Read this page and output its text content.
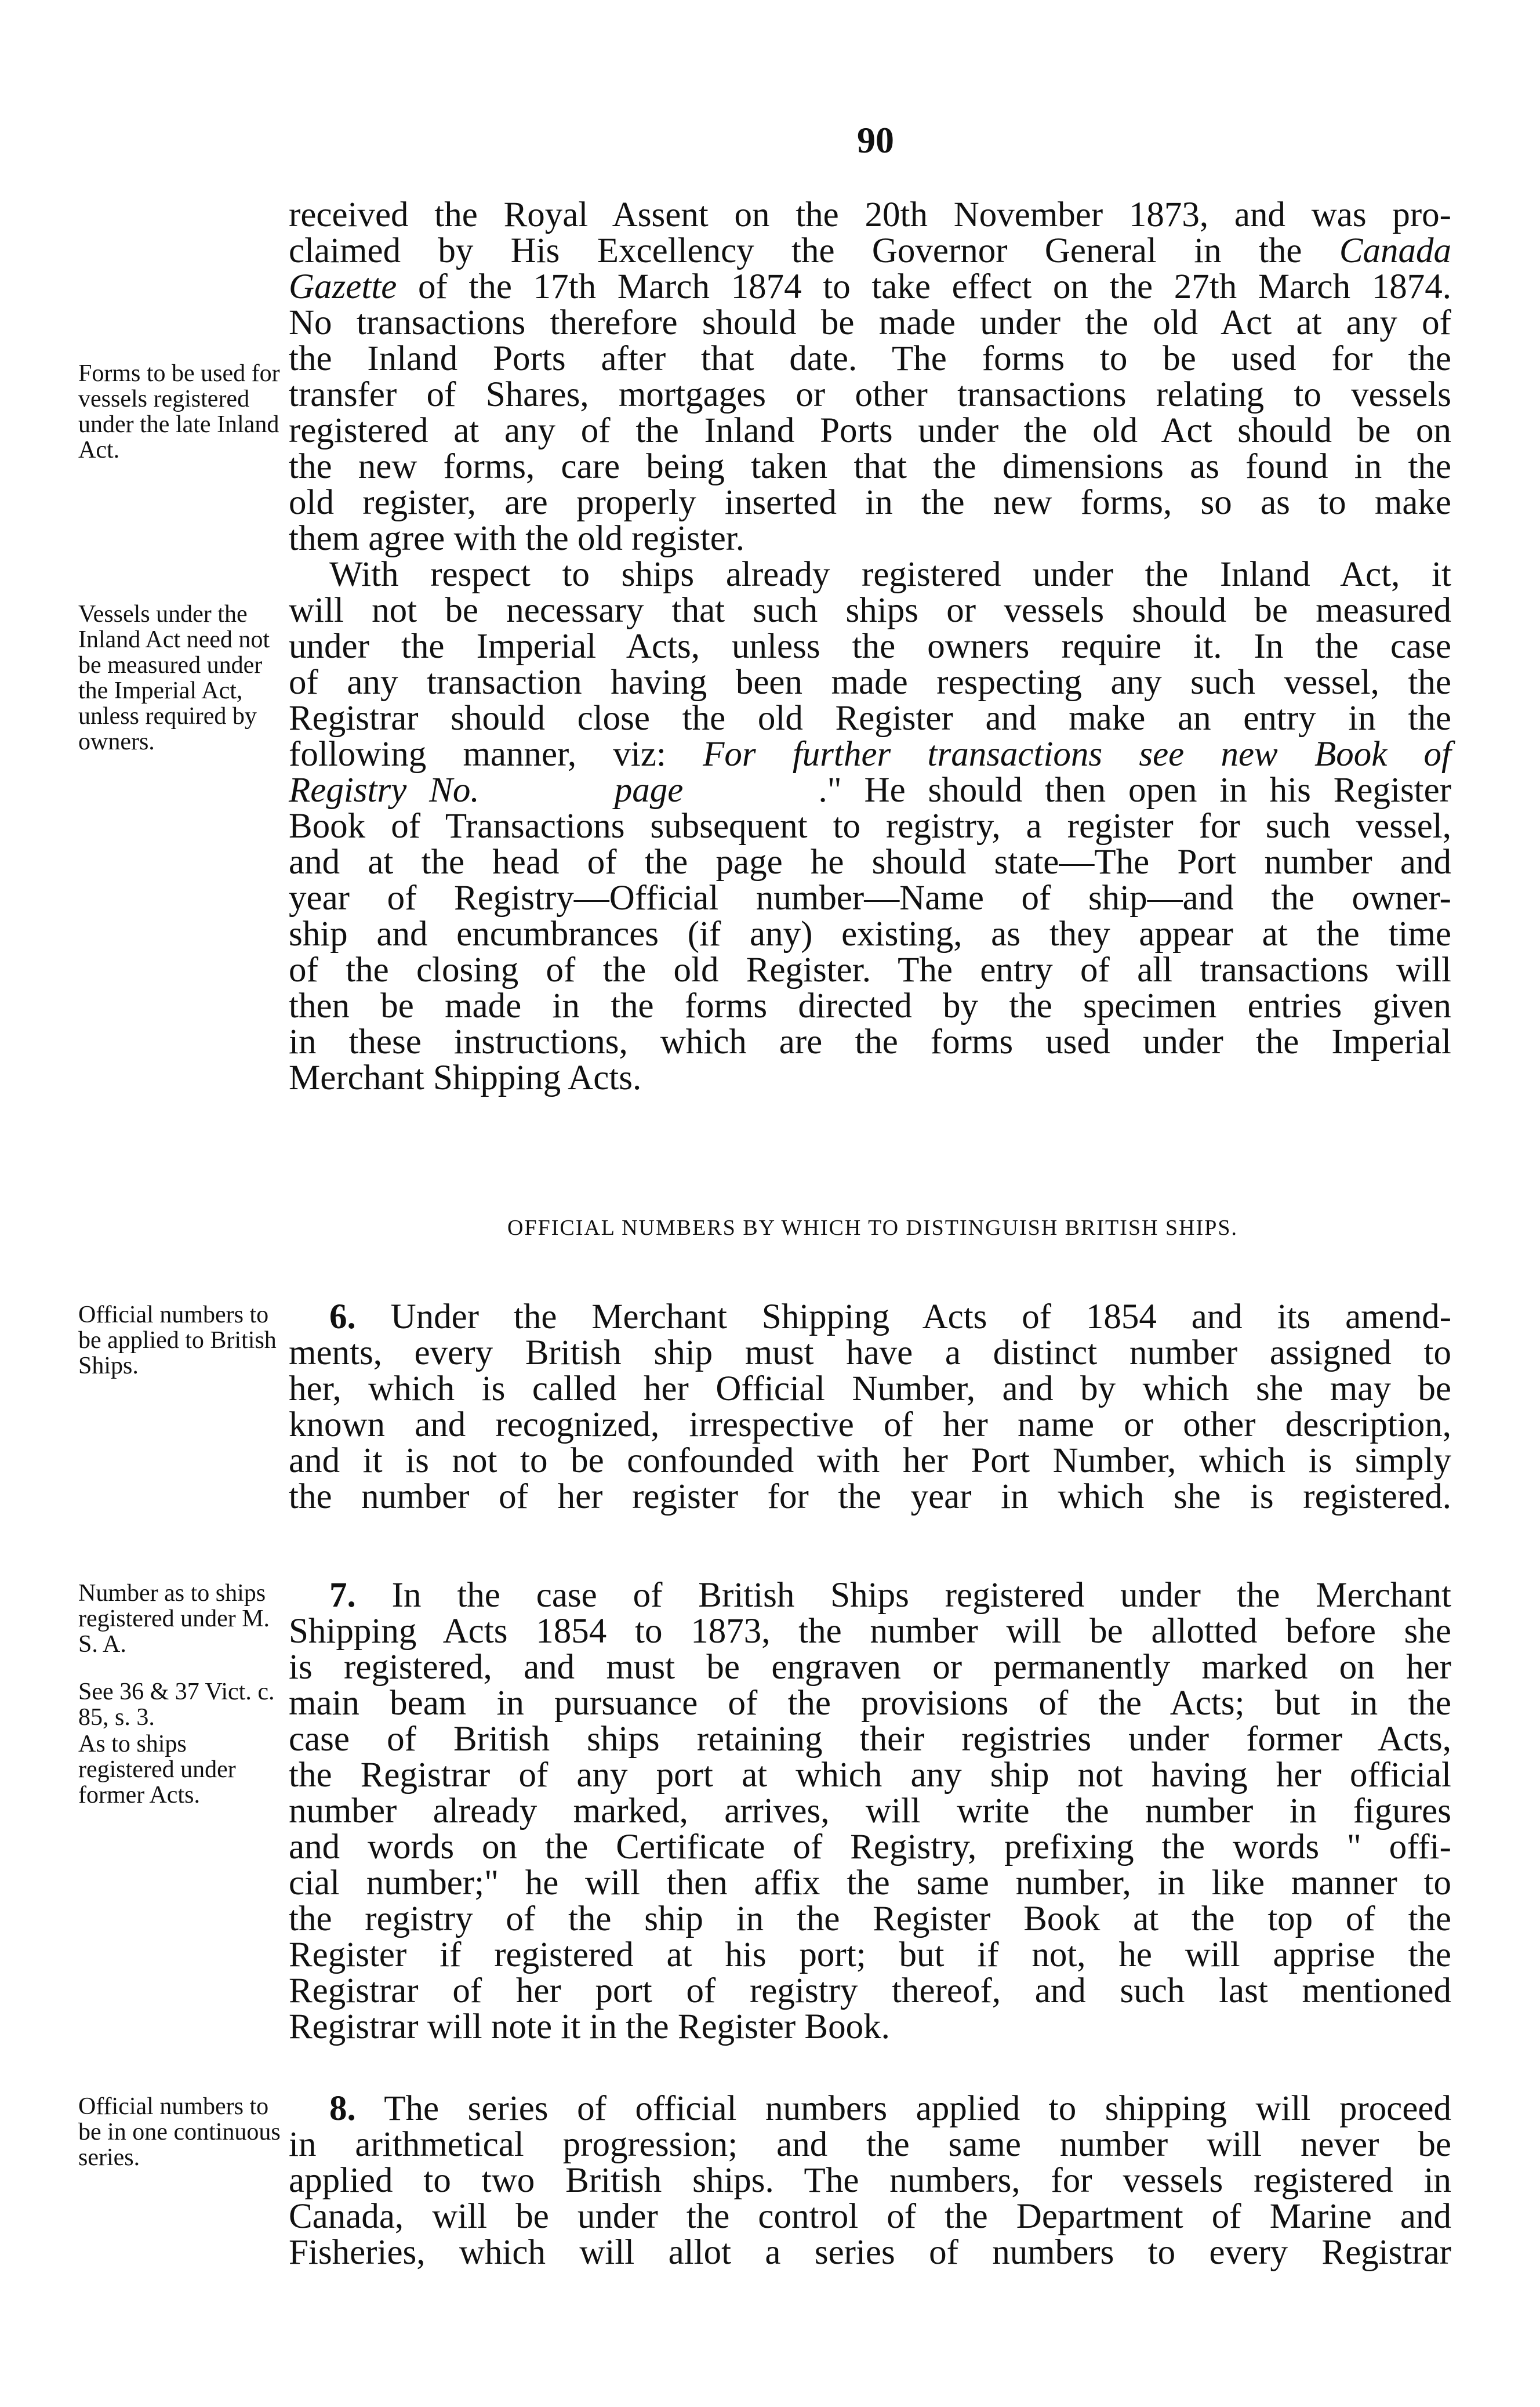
90
Forms to be used for vessels registered under the late Inland Act.
Vessels under the Inland Act need not be measured under the Imperial Act, unless required by owners.
Official numbers to be applied to British Ships.
Number as to ships registered under M. S. A.
See 36 & 37 Vict. c. 85, s. 3.
As to ships registered under former Acts.
Official numbers to be in one continuous series.
received the Royal Assent on the 20th November 1873, and was pro-
claimed by His Excellency the Governor General in the Canada
Gazette of the 17th March 1874 to take effect on the 27th March 1874.
No transactions therefore should be made under the old Act at any of
the Inland Ports after that date. The forms to be used for the
transfer of Shares, mortgages or other transactions relating to vessels
registered at any of the Inland Ports under the old Act should be on
the new forms, care being taken that the dimensions as found in the
old register, are properly inserted in the new forms, so as to make
them agree with the old register.
With respect to ships already registered under the Inland Act, it
will not be necessary that such ships or vessels should be measured
under the Imperial Acts, unless the owners require it. In the case
of any transaction having been made respecting any such vessel, the
Registrar should close the old Register and make an entry in the
following manner, viz: For further transactions see new Book of
Registry No.	page	." He should then open in his Register
Book of Transactions subsequent to registry, a register for such vessel,
and at the head of the page he should state—The Port number and
year of Registry—Official number—Name of ship—and the owner-
ship and encumbrances (if any) existing, as they appear at the time
of the closing of the old Register. The entry of all transactions will
then be made in the forms directed by the specimen entries given
in these instructions, which are the forms used under the Imperial
Merchant Shipping Acts.
OFFICIAL NUMBERS BY WHICH TO DISTINGUISH BRITISH SHIPS.
6. Under the Merchant Shipping Acts of 1854 and its amend-
ments, every British ship must have a distinct number assigned to
her, which is called her Official Number, and by which she may be
known and recognized, irrespective of her name or other description,
and it is not to be confounded with her Port Number, which is simply
the number of her register for the year in which she is registered.
7. In the case of British Ships registered under the Merchant
Shipping Acts 1854 to 1873, the number will be allotted before she
is registered, and must be engraven or permanently marked on her
main beam in pursuance of the provisions of the Acts; but in the
case of British ships retaining their registries under former Acts,
the Registrar of any port at which any ship not having her official
number already marked, arrives, will write the number in figures
and words on the Certificate of Registry, prefixing the words " offi-
cial number;" he will then affix the same number, in like manner to
the registry of the ship in the Register Book at the top of the
Register if registered at his port; but if not, he will apprise the
Registrar of her port of registry thereof, and such last mentioned
Registrar will note it in the Register Book.
8. The series of official numbers applied to shipping will proceed
in arithmetical progression; and the same number will never be
applied to two British ships. The numbers, for vessels registered in
Canada, will be under the control of the Department of Marine and
Fisheries, which will allot a series of numbers to every Registrar
